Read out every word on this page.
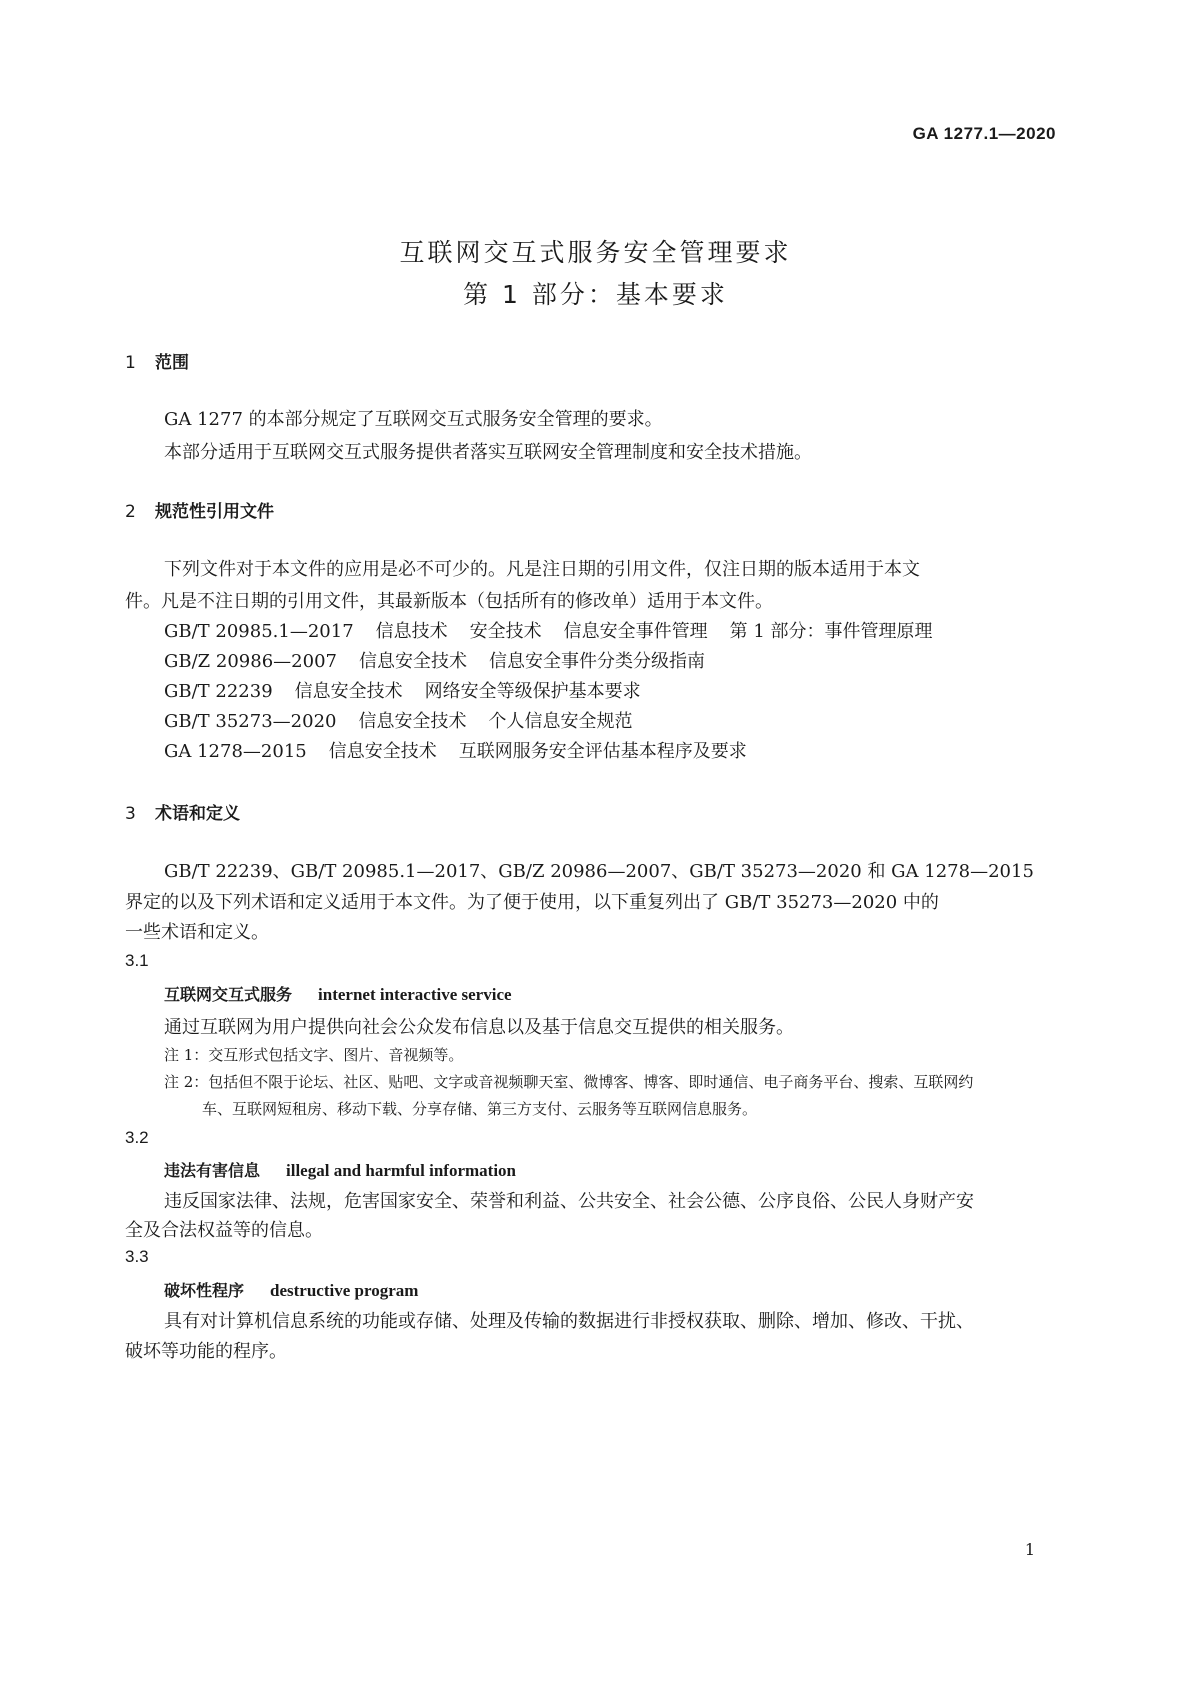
GA 1277.1—2020
互联网交互式服务安全管理要求
第 1 部分：基本要求
1 范围
GA 1277 的本部分规定了互联网交互式服务安全管理的要求。
本部分适用于互联网交互式服务提供者落实互联网安全管理制度和安全技术措施。
2 规范性引用文件
下列文件对于本文件的应用是必不可少的。凡是注日期的引用文件，仅注日期的版本适用于本文
件。凡是不注日期的引用文件，其最新版本（包括所有的修改单）适用于本文件。
GB/T 20985.1—2017 信息技术 安全技术 信息安全事件管理 第 1 部分：事件管理原理
GB/Z 20986—2007 信息安全技术 信息安全事件分类分级指南
GB/T 22239 信息安全技术 网络安全等级保护基本要求
GB/T 35273—2020 信息安全技术 个人信息安全规范
GA 1278—2015 信息安全技术 互联网服务安全评估基本程序及要求
3 术语和定义
GB/T 22239、GB/T 20985.1—2017、GB/Z 20986—2007、GB/T 35273—2020 和 GA 1278—2015
界定的以及下列术语和定义适用于本文件。为了便于使用，以下重复列出了 GB/T 35273—2020 中的
一些术语和定义。
3.1
互联网交互式服务 internet interactive service
通过互联网为用户提供向社会公众发布信息以及基于信息交互提供的相关服务。
注 1：交互形式包括文字、图片、音视频等。
注 2：包括但不限于论坛、社区、贴吧、文字或音视频聊天室、微博客、博客、即时通信、电子商务平台、搜索、互联网约
车、互联网短租房、移动下载、分享存储、第三方支付、云服务等互联网信息服务。
3.2
违法有害信息 illegal and harmful information
违反国家法律、法规，危害国家安全、荣誉和利益、公共安全、社会公德、公序良俗、公民人身财产安
全及合法权益等的信息。
3.3
破坏性程序 destructive program
具有对计算机信息系统的功能或存储、处理及传输的数据进行非授权获取、删除、增加、修改、干扰、
破坏等功能的程序。
1
